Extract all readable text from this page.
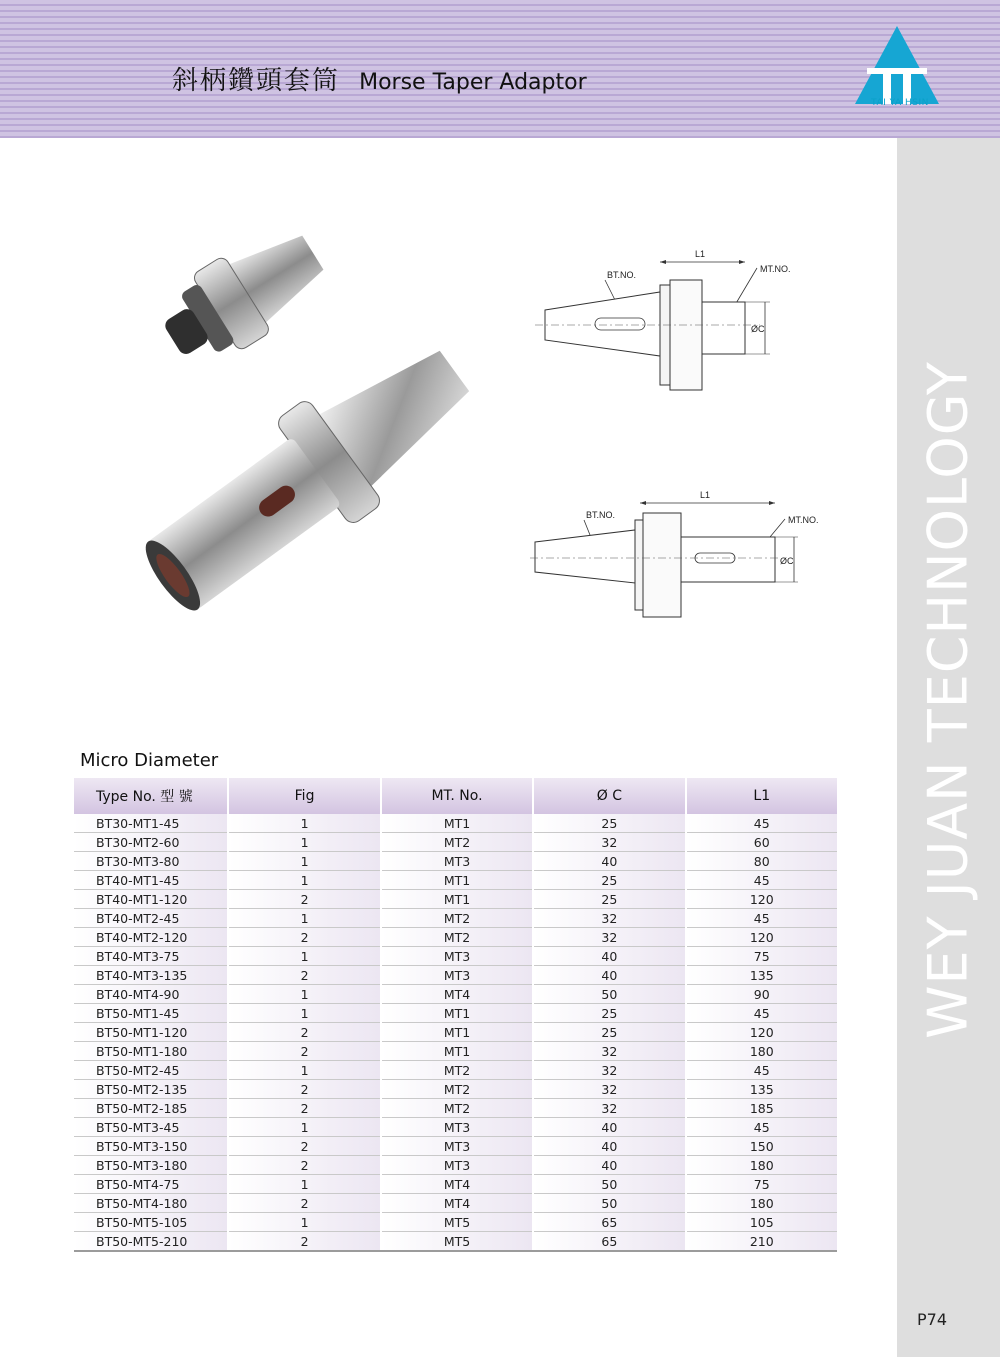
斜柄鑽頭套筒 Morse Taper Adaptor
TAI YA HSIN
WEY JUAN TECHNOLOGY
L1
BT.NO.
MT.NO.
ØC
L1
BT.NO.	MT.NO.
ØC
Micro Diameter
Type No. 型 號	Fig	MT. No.	Ø C	L1
BT30-MT1-45	1	MT1	25	45
BT30-MT2-60	1	MT2	32	60
BT30-MT3-80	1	MT3	40	80
BT40-MT1-45	1	MT1	25	45
BT40-MT1-120	2	MT1	25	120
BT40-MT2-45	1	MT2	32	45
BT40-MT2-120	2	MT2	32	120
BT40-MT3-75	1	MT3	40	75
BT40-MT3-135	2	MT3	40	135
BT40-MT4-90	1	MT4	50	90
BT50-MT1-45	1	MT1	25	45
BT50-MT1-120	2	MT1	25	120
BT50-MT1-180	2	MT1	32	180
BT50-MT2-45	1	MT2	32	45
BT50-MT2-135	2	MT2	32	135
BT50-MT2-185	2	MT2	32	185
BT50-MT3-45	1	MT3	40	45
BT50-MT3-150	2	MT3	40	150
BT50-MT3-180	2	MT3	40	180
BT50-MT4-75	1	MT4	50	75
BT50-MT4-180	2	MT4	50	180
BT50-MT5-105	1	MT5	65	105
BT50-MT5-210	2	MT5	65	210
P74
